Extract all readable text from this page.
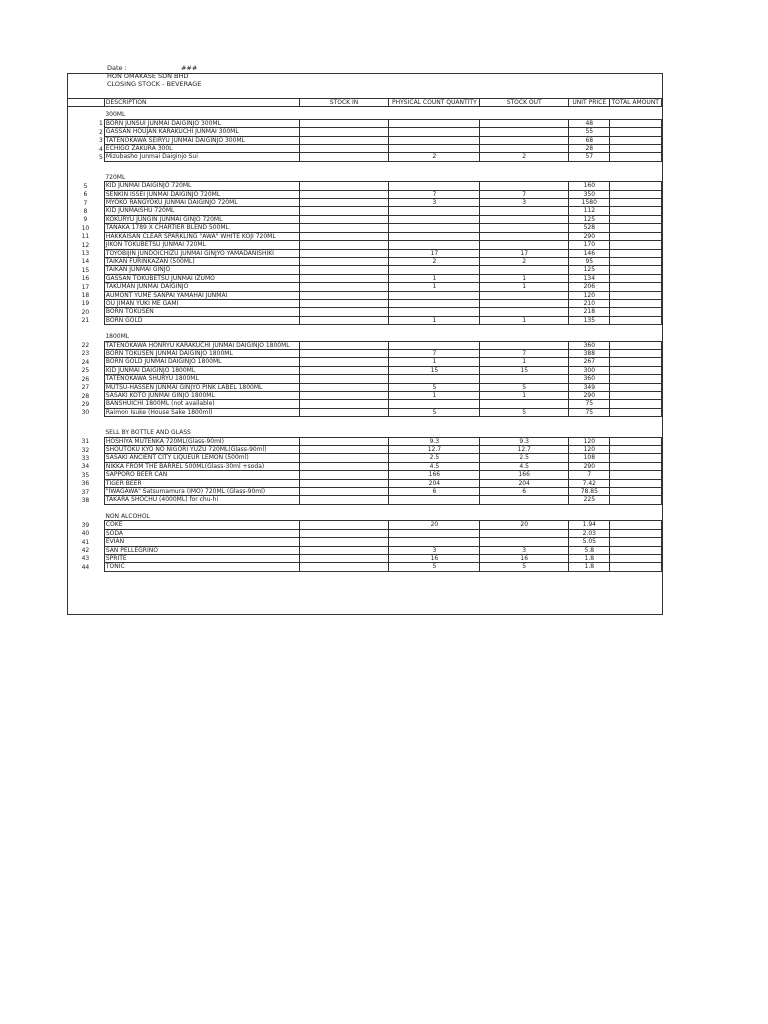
Date :	###
HON OMAKASE SDN BHD
CLOSING STOCK - BEVERAGE
	DESCRIPTION	STOCK IN	PHYSICAL COUNT QUANTITY	STOCK OUT	UNIT PRICE	TOTAL AMOUNT

	300ML					
1	BORN JUNSUI JUNMAI DAIGINJO 300ML				48	
2	GASSAN HOUJAN KARAKUCHI JUNMAI 300ML				55	
3	TATENOKAWA SEIRYU JUNMAI DAIGINJO 300ML				68	
4	ECHIGO ZAKURA 300L				28	
5	Mizubasho Junmai Daiginjo Sui		2	2	57	

	720ML					
5	KID JUNMAI DAIGINJO 720ML				160	
6	SENKIN ISSEI JUNMAI DAIGINJO 720ML		7	7	350	
7	MYOKO RANGYOKU JUNMAI DAIGINJO 720ML		3	3	1580	
8	KID JUNMAISHU 720ML				112	
9	KOKURYU JUNGIN JUNMAI GINJO 720ML				125	
10	TANAKA 1789 X CHARTIER BLEND 500ML				528	
11	HAKKAISAN CLEAR SPARKLING "AWA" WHITE KOJI 720ML				290	
12	JIKON TOKUBETSU JUNMAI 720ML				170	
13	TOYOBIJIN JUNDOICHIZU JUNMAI GINJYO YAMADANISHIKI		17	17	146	
14	TAIKAN FURINKAZAN (500ML)		2	2	95	
15	TAIKAN JUNMAI GINJO				125	
16	GASSAN TOKUBETSU JUNMAI IZUMO		1	1	134	
17	TAKUMAN JUNMAI DAIGINJO		1	1	206	
18	AUMONT YUME SANPAI YAMAHAI JUNMAI				120	
19	OU JIMAN YUKI ME GAMI				210	
20	BORN TOKUSEN				218	
21	BORN GOLD		1	1	135	

	1800ML					
22	TATENOKAWA HONRYU KARAKUCHI JUNMAI DAIGINJO 1800ML				360	
23	BORN TOKUSEN JUNMAI DAIGINJO 1800ML		7	7	388	
24	BORN GOLD JUNMAI DAIGINJO 1800ML		1	1	267	
25	KID JUNMAI DAIGINJO 1800ML		15	15	300	
26	TATENOKAWA SHURYU 1800ML				360	
27	MUTSU-HASSEN JUNMAI GINJYO PINK LABEL 1800ML		5	5	349	
28	SASAKI KOTO JUNMAI GINJO 1800ML		1	1	290	
29	BANSHUICHI 1800ML (not available)				75	
30	Raimon Isuke (House Sake 1800ml)		5	5	75	

	SELL BY BOTTLE AND GLASS					
31	HOSHIYA MUTENKA 720ML(Glass-90ml)		9.3	9.3	120	
32	SHOUTOKU KYO NO NIGORI YUZU 720ML(Glass-90ml)		12.7	12.7	120	
33	SASAKI ANCIENT CITY LIQUEUR LEMON (500ml)		2.5	2.5	108	
34	NIKKA FROM THE BARREL 500ML(Glass-30ml +soda)		4.5	4.5	290	
35	SAPPORO BEER CAN		166	166	7	
36	TIGER BEER		204	204	7.42	
37	"IWAGAWA" Satsumamura (IMO) 720ML (Glass-90ml)		6	6	78.85	
38	TAKARA SHOCHU (4000ML) for chu-hi				225	

	NON ALCOHOL					
39	COKE		20	20	1.94	
40	SODA				2.03	
41	EVIAN				5.05	
42	SAN PELLEGRINO		3	3	5.8	
43	SPRITE		16	16	1.8	
44	TONIC		5	5	1.8	
